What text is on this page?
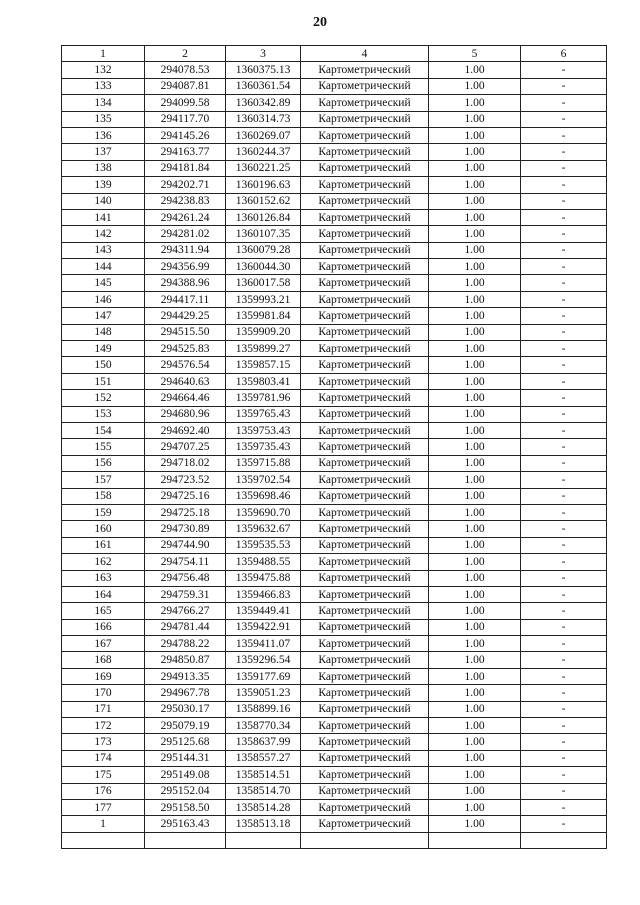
20
1	2	3	4	5	6
132	294078.53	1360375.13	Картометрический	1.00	-
133	294087.81	1360361.54	Картометрический	1.00	-
134	294099.58	1360342.89	Картометрический	1.00	-
135	294117.70	1360314.73	Картометрический	1.00	-
136	294145.26	1360269.07	Картометрический	1.00	-
137	294163.77	1360244.37	Картометрический	1.00	-
138	294181.84	1360221.25	Картометрический	1.00	-
139	294202.71	1360196.63	Картометрический	1.00	-
140	294238.83	1360152.62	Картометрический	1.00	-
141	294261.24	1360126.84	Картометрический	1.00	-
142	294281.02	1360107.35	Картометрический	1.00	-
143	294311.94	1360079.28	Картометрический	1.00	-
144	294356.99	1360044.30	Картометрический	1.00	-
145	294388.96	1360017.58	Картометрический	1.00	-
146	294417.11	1359993.21	Картометрический	1.00	-
147	294429.25	1359981.84	Картометрический	1.00	-
148	294515.50	1359909.20	Картометрический	1.00	-
149	294525.83	1359899.27	Картометрический	1.00	-
150	294576.54	1359857.15	Картометрический	1.00	-
151	294640.63	1359803.41	Картометрический	1.00	-
152	294664.46	1359781.96	Картометрический	1.00	-
153	294680.96	1359765.43	Картометрический	1.00	-
154	294692.40	1359753.43	Картометрический	1.00	-
155	294707.25	1359735.43	Картометрический	1.00	-
156	294718.02	1359715.88	Картометрический	1.00	-
157	294723.52	1359702.54	Картометрический	1.00	-
158	294725.16	1359698.46	Картометрический	1.00	-
159	294725.18	1359690.70	Картометрический	1.00	-
160	294730.89	1359632.67	Картометрический	1.00	-
161	294744.90	1359535.53	Картометрический	1.00	-
162	294754.11	1359488.55	Картометрический	1.00	-
163	294756.48	1359475.88	Картометрический	1.00	-
164	294759.31	1359466.83	Картометрический	1.00	-
165	294766.27	1359449.41	Картометрический	1.00	-
166	294781.44	1359422.91	Картометрический	1.00	-
167	294788.22	1359411.07	Картометрический	1.00	-
168	294850.87	1359296.54	Картометрический	1.00	-
169	294913.35	1359177.69	Картометрический	1.00	-
170	294967.78	1359051.23	Картометрический	1.00	-
171	295030.17	1358899.16	Картометрический	1.00	-
172	295079.19	1358770.34	Картометрический	1.00	-
173	295125.68	1358637.99	Картометрический	1.00	-
174	295144.31	1358557.27	Картометрический	1.00	-
175	295149.08	1358514.51	Картометрический	1.00	-
176	295152.04	1358514.70	Картометрический	1.00	-
177	295158.50	1358514.28	Картометрический	1.00	-
1	295163.43	1358513.18	Картометрический	1.00	-
